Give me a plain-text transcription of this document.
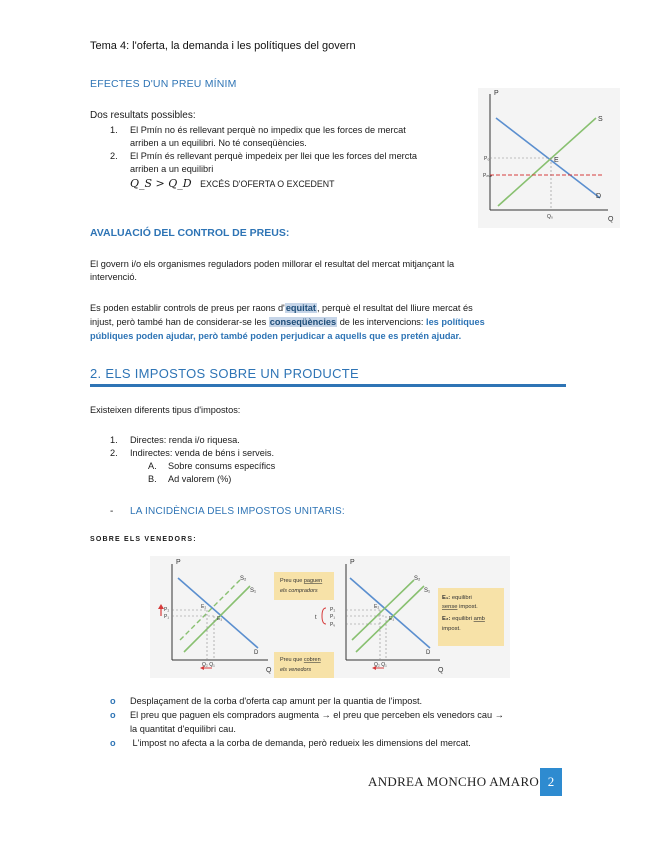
Tema 4: l'oferta, la demanda i les polítiques del govern
EFECTES D'UN PREU MÍNIM
Dos resultats possibles:
1. El Pmín no és rellevant perquè no impedix que les forces de mercat
arriben a un equilibri. No té conseqüències.
2. El Pmín és rellevant perquè impedeix per llei que les forces del mercta
arriben a un equilibri
Q_S > Q_D EXCÉS D'OFERTA O EXCEDENT
P
Q
S
D
E
P₀
Pₘᵢₙ
Q₀
AVALUACIÓ DEL CONTROL DE PREUS:
El govern i/o els organismes reguladors poden millorar el resultat del mercat mitjançant la
intervenció.
Es poden establir controls de preus per raons d'equitat, perquè el resultat del lliure mercat és
injust, però també han de considerar-se les conseqüències de les intervencions: les polítiques
públiques poden ajudar, però també poden perjudicar a aquells que es pretén ajudar.
2. ELS IMPOSTOS SOBRE UN PRODUCTE
Existeixen diferents tipus d'impostos:
1. Directes: renda i/o riquesa.
2. Indirectes: venda de béns i serveis.
A. Sobre consums específics
B. Ad valorem (%)
- LA INCIDÈNCIA DELS IMPOSTOS UNITARIS:
SOBRE ELS VENEDORS:
P
Q
S₂
S₁
D
P₂
P₁
E₂
E₁
Q₂ Q₁
Preu que paguen
els compradors
Preu que cobren
els venedors
P
Q
S₂
S₁
D
E₂
E₁
Q₂ Q₁
E₁: equilibri
sense impost.
E₂: equilibri amb
impost.
t
P₂
P₁
Pᵥ
o Desplaçament de la corba d'oferta cap amunt per la quantia de l'impost.
o El preu que paguen els compradors augmenta → el preu que perceben els venedors cau →
la quantitat d'equilibri cau.
o L'impost no afecta a la corba de demanda, però redueix les dimensions del mercat.
ANDREA MONCHO AMARO 2
